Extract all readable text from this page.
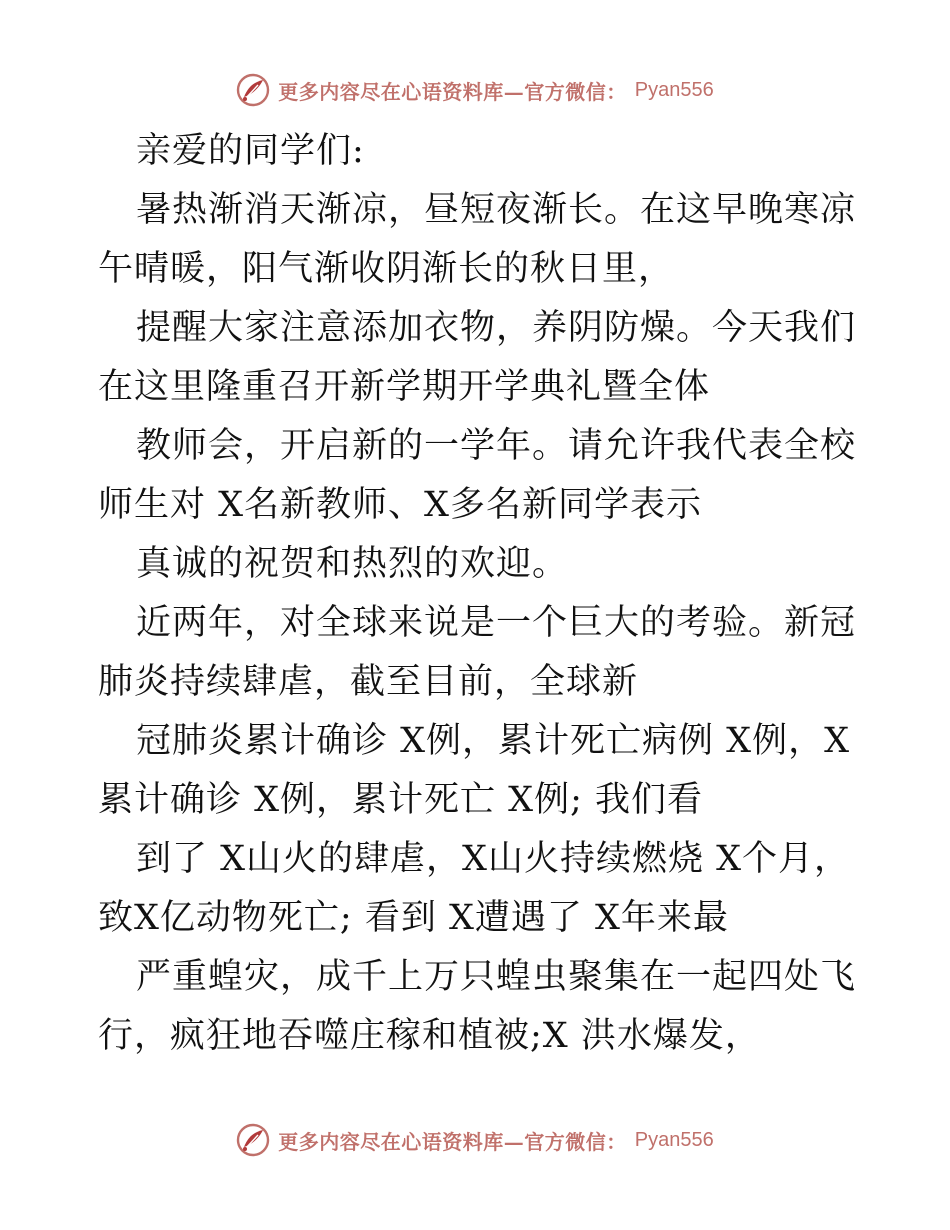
更多内容尽在心语资料库—官方微信： Pyan556

亲爱的同学们:

暑热渐消天渐凉，昼短夜渐长。在这早晚寒凉午晴暖，阳气渐收阴渐长的秋日里，

提醒大家注意添加衣物，养阴防燥。今天我们在这里隆重召开新学期开学典礼暨全体

教师会，开启新的一学年。请允许我代表全校师生对 X名新教师、X多名新同学表示

真诚的祝贺和热烈的欢迎。

近两年，对全球来说是一个巨大的考验。新冠肺炎持续肆虐，截至目前，全球新

冠肺炎累计确诊 X例，累计死亡病例 X例，X累计确诊 X例，累计死亡 X例; 我们看

到了 X山火的肆虐，X山火持续燃烧 X个月，致X亿动物死亡; 看到 X遭遇了 X年来最

严重蝗灾，成千上万只蝗虫聚集在一起四处飞行，疯狂地吞噬庄稼和植被;X 洪水爆发，

更多内容尽在心语资料库—官方微信： Pyan556
